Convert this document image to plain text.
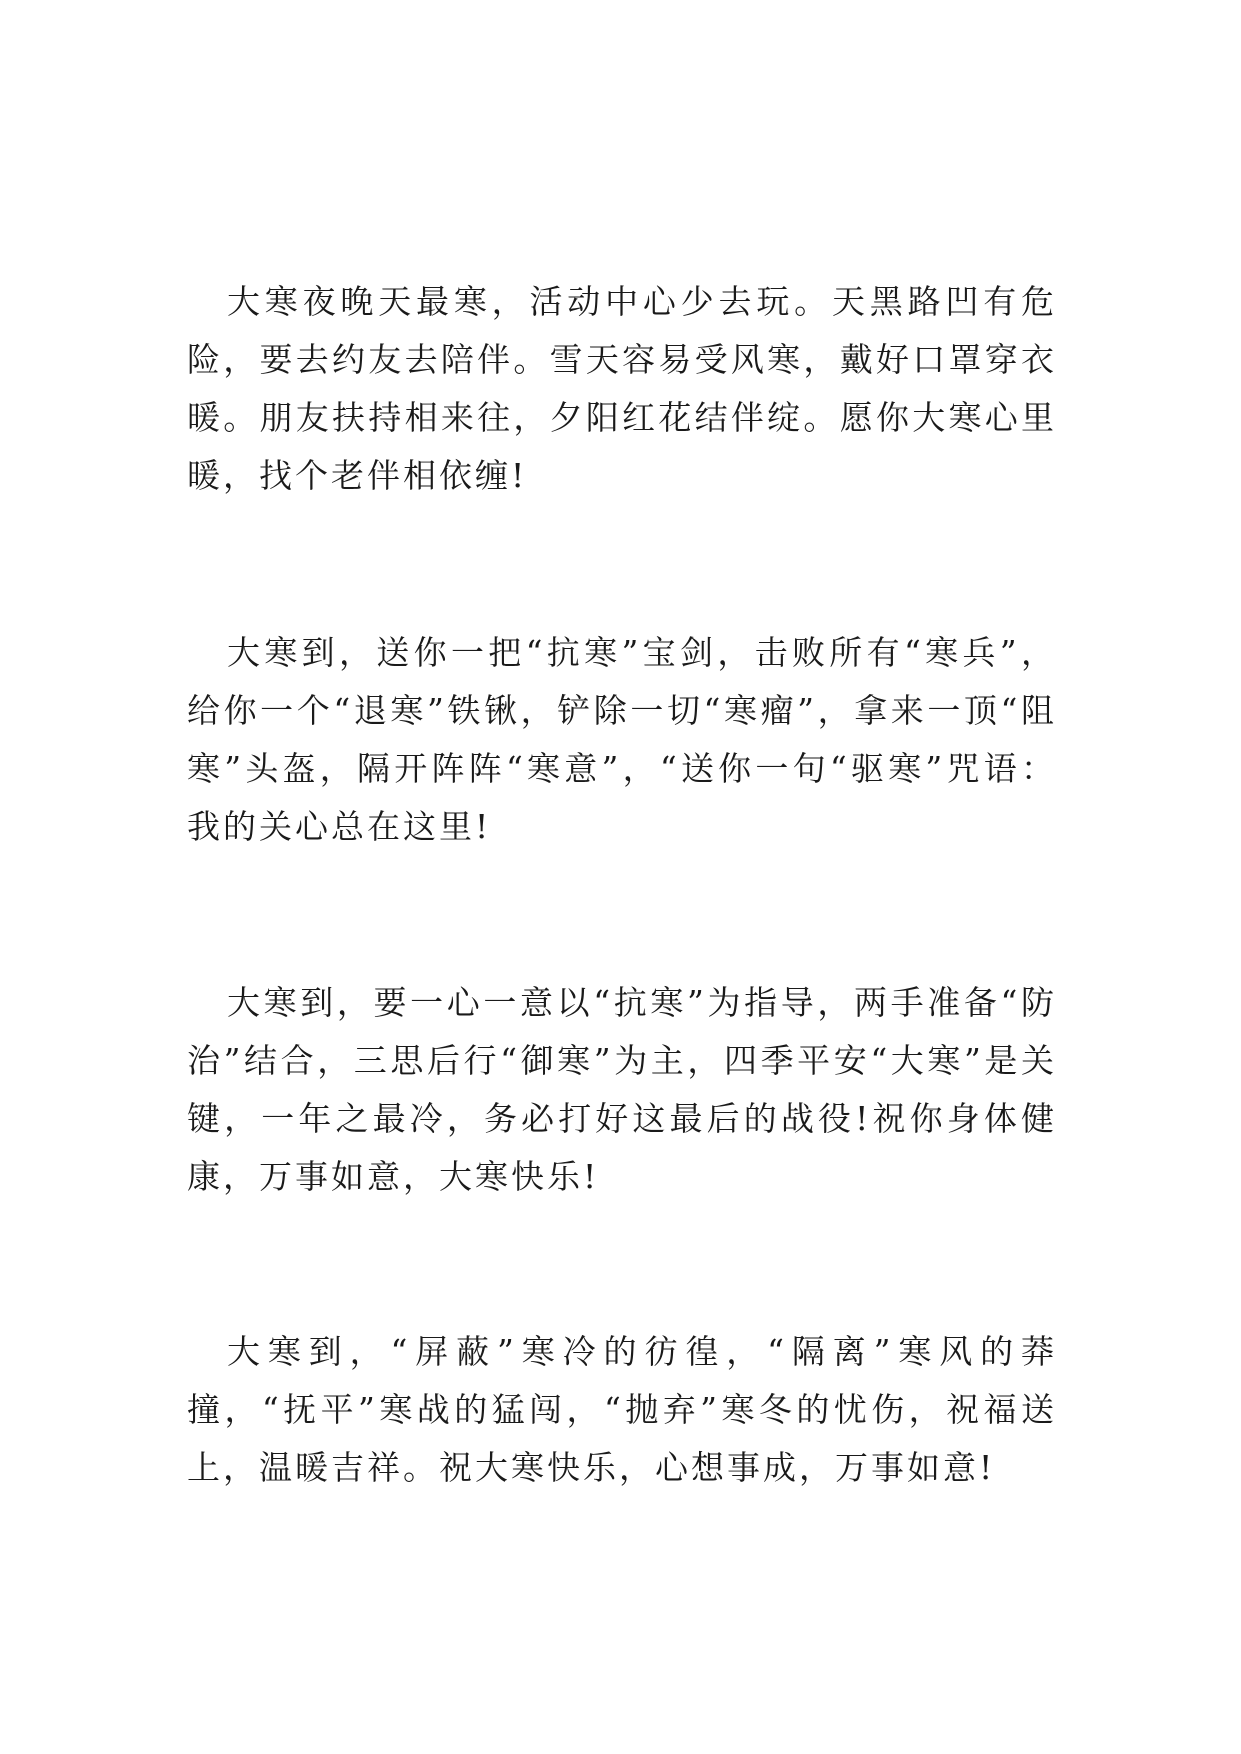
大寒夜晚天最寒，活动中心少去玩。天黑路凹有危险，要去约友去陪伴。雪天容易受风寒，戴好口罩穿衣暖。朋友扶持相来往，夕阳红花结伴绽。愿你大寒心里暖，找个老伴相依缠!

大寒到，送你一把“抗寒”宝剑，击败所有“寒兵”，给你一个“退寒”铁锹，铲除一切“寒瘤”，拿来一顶“阻寒”头盔，隔开阵阵“寒意”，“送你一句“驱寒”咒语：我的关心总在这里!

大寒到，要一心一意以“抗寒”为指导，两手准备“防治”结合，三思后行“御寒”为主，四季平安“大寒”是关键，一年之最冷，务必打好这最后的战役!祝你身体健康，万事如意，大寒快乐!

大寒到，“屏蔽”寒冷的彷徨，“隔离”寒风的莽撞，“抚平”寒战的猛闯，“抛弃”寒冬的忧伤，祝福送上，温暖吉祥。祝大寒快乐，心想事成，万事如意!
